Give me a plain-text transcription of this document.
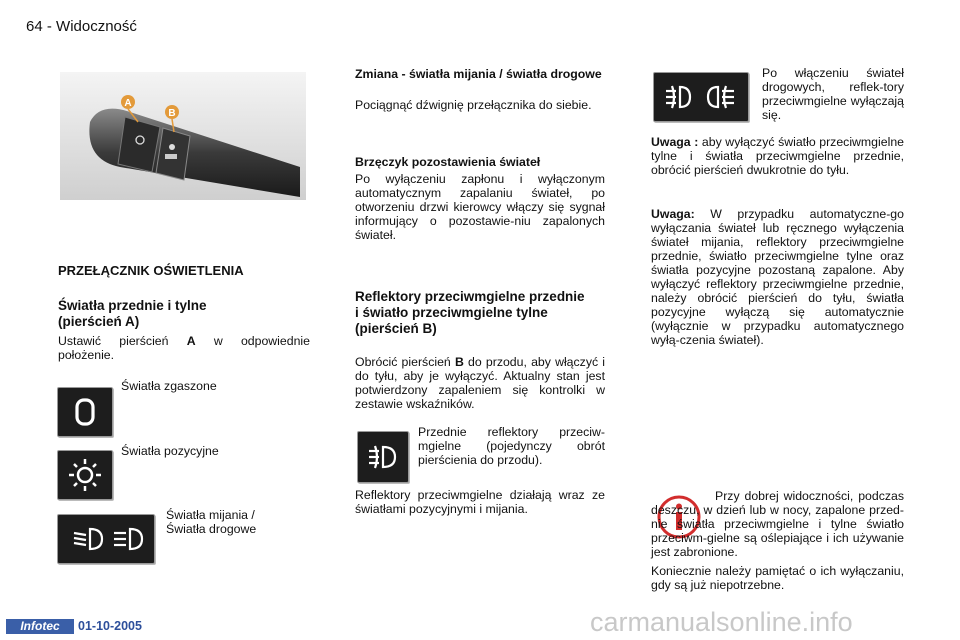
64 - Widoczność
A
B
PRZEŁĄCZNIK OŚWIETLENIA
Światła przednie i tylne (pierścień A)
Ustawić pierścień A w odpowiednie położenie.
Światła zgaszone
Światła pozycyjne
Światła mijania /
Światła drogowe
Zmiana - światła mijania / światła drogowe
Pociągnąć dźwignię przełącznika do siebie.
Brzęczyk pozostawienia świateł
Po wyłączeniu zapłonu i wyłączonym automatycznym zapalaniu świateł, po otworzeniu drzwi kierowcy włączy się sygnał informujący o pozostawie-niu zapalonych świateł.
Reflektory przeciwmgielne przednie i światło przeciwmgielne tylne (pierścień B)
Obrócić pierścień B do przodu, aby włączyć i do tyłu, aby je wyłączyć. Aktualny stan jest potwierdzony zapaleniem się kontrolki w zestawie wskaźników.
Przednie reflektory przeciw-mgielne (pojedynczy obrót pierścienia do przodu).
Reflektory przeciwmgielne działają wraz ze światłami pozycyjnymi i mijania.
Po włączeniu świateł drogowych, reflek-tory przeciwmgielne wyłączają się.
Uwaga : aby wyłączyć światło przeciwmgielne tylne i światła przeciwmgielne przednie, obrócić pierścień dwukrotnie do tyłu.
Uwaga: W przypadku automatyczne-go wyłączania świateł lub ręcznego wyłączenia świateł mijania, reflektory przeciwmgielne przednie, światło przeciwmgielne tylne oraz światła pozycyjne pozostaną zapalone. Aby wyłączyć reflektory przeciwmgielne przednie, należy obrócić pierścień do tyłu, światła pozycyjne wyłączą się automatycznie (wyłącznie w przypadku automatycznego wyłą-czenia świateł).
Przy dobrej widoczności, podczas deszczu, w dzień lub w nocy, zapalone przed-nie światła przeciwmgielne i tylne światło przeciwm-gielne są oślepiające i ich używanie jest zabronione.
Koniecznie należy pamiętać o ich wyłączaniu, gdy są już niepotrzebne.
Infotec	01-10-2005	carmanualsonline.info
